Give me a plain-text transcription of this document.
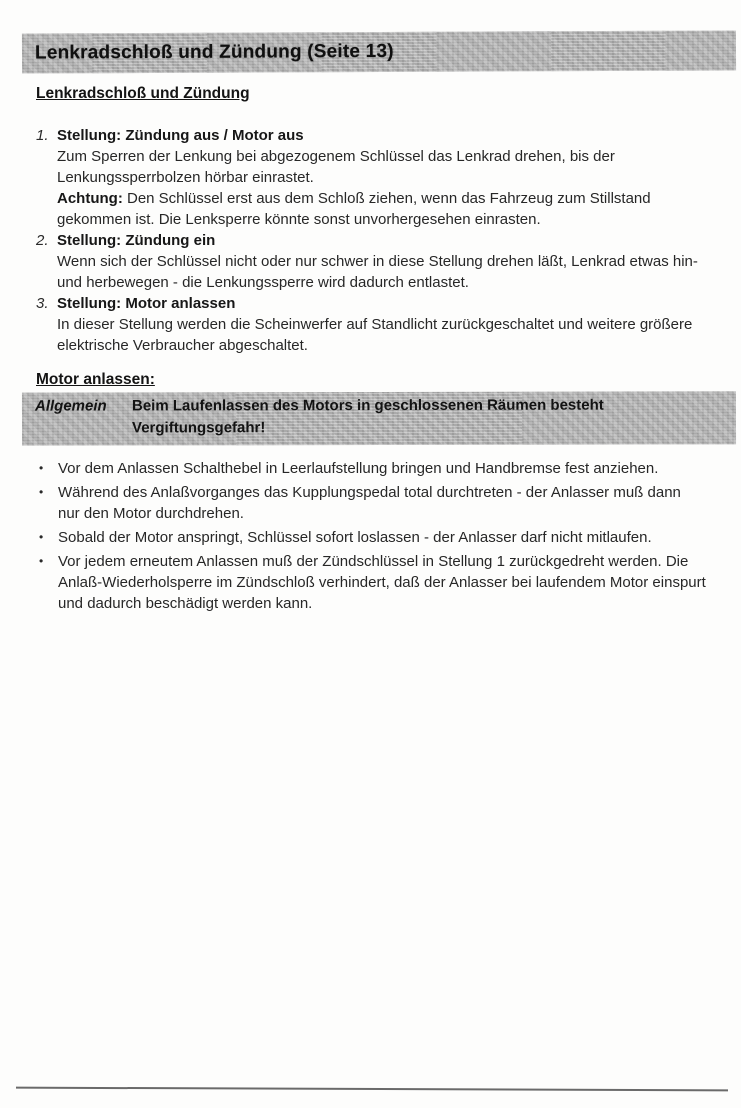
Lenkradschloß und Zündung (Seite 13)
Lenkradschloß und Zündung
1. Stellung: Zündung aus / Motor aus
Zum Sperren der Lenkung bei abgezogenem Schlüssel das Lenkrad drehen, bis der Lenkungssperrbolzen hörbar einrastet.
Achtung: Den Schlüssel erst aus dem Schloß ziehen, wenn das Fahrzeug zum Stillstand gekommen ist. Die Lenksperre könnte sonst unvorhergesehen einrasten.
2. Stellung: Zündung ein
Wenn sich der Schlüssel nicht oder nur schwer in diese Stellung drehen läßt, Lenkrad etwas hin- und herbewegen - die Lenkungssperre wird dadurch entlastet.
3. Stellung: Motor anlassen
In dieser Stellung werden die Scheinwerfer auf Standlicht zurückgeschaltet und weitere größere elektrische Verbraucher abgeschaltet.
Motor anlassen:
Allgemein	Beim Laufenlassen des Motors in geschlossenen Räumen besteht Vergiftungsgefahr!
• Vor dem Anlassen Schalthebel in Leerlaufstellung bringen und Handbremse fest anziehen.
• Während des Anlaßvorganges das Kupplungspedal total durchtreten - der Anlasser muß dann nur den Motor durchdrehen.
• Sobald der Motor anspringt, Schlüssel sofort loslassen - der Anlasser darf nicht mitlaufen.
• Vor jedem erneutem Anlassen muß der Zündschlüssel in Stellung 1 zurückgedreht werden. Die Anlaß-Wiederholsperre im Zündschloß verhindert, daß der Anlasser bei laufendem Motor einspurt und dadurch beschädigt werden kann.
